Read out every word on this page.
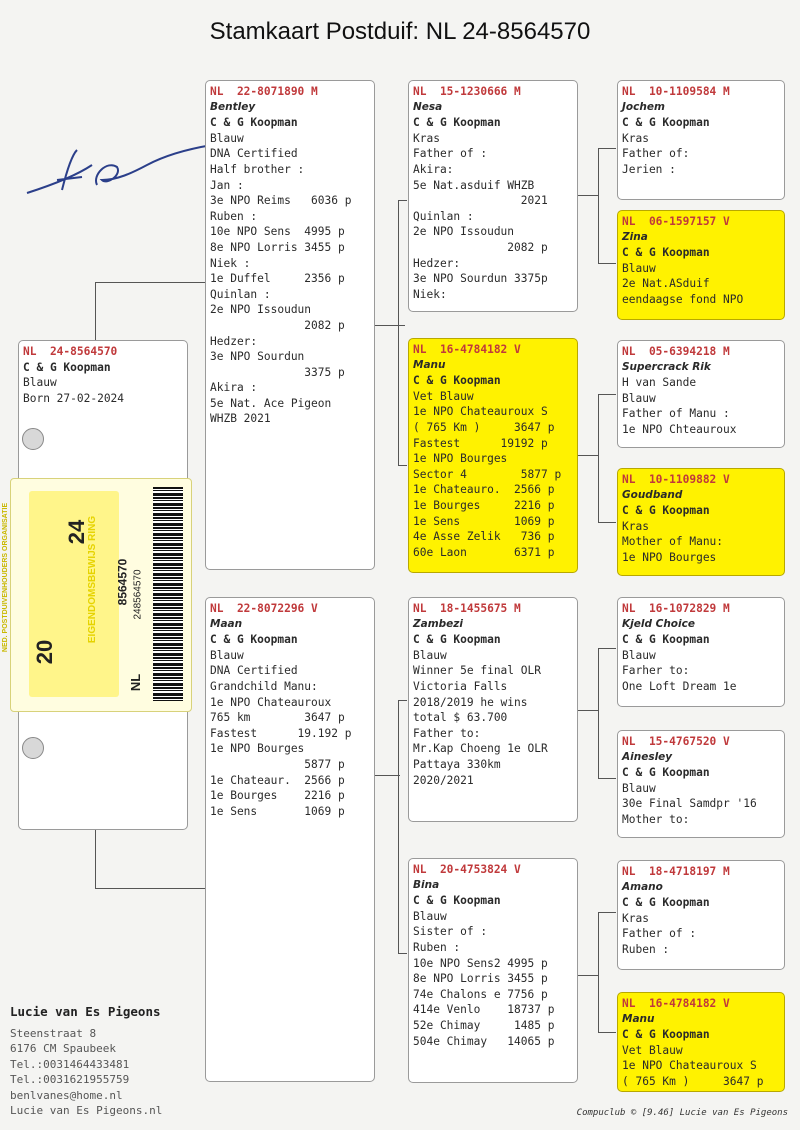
Stamkaart Postduif: NL 24-8564570
NL  24-8564570
C & G Koopman
Blauw
Born 27-02-2024
24
20
NL
8564570
EIGENDOMSBEWIJS RING
NED. POSTDUIVENHOUDERS ORGANISATIE	248564570
NL  22-8071890 M
Bentley
C & G Koopman
Blauw
DNA Certified
Half brother :
Jan :
3e NPO Reims   6036 p
Ruben :
10e NPO Sens  4995 p
8e NPO Lorris 3455 p
Niek :
1e Duffel     2356 p
Quinlan :
2e NPO Issoudun
2082 p
Hedzer:
3e NPO Sourdun
3375 p
Akira :
5e Nat. Ace Pigeon
WHZB 2021
NL  22-8072296 V
Maan
C & G Koopman
Blauw
DNA Certified
Grandchild Manu:
1e NPO Chateauroux
765 km        3647 p
Fastest      19.192 p
1e NPO Bourges
5877 p
1e Chateaur.  2566 p
1e Bourges    2216 p
1e Sens       1069 p
NL  15-1230666 M
Nesa
C & G Koopman
Kras
Father of :
Akira:
5e Nat.asduif WHZB
2021
Quinlan :
2e NPO Issoudun
2082 p
Hedzer:
3e NPO Sourdun 3375p
Niek:
NL  16-4784182 V
Manu
C & G Koopman
Vet Blauw
1e NPO Chateauroux S
( 765 Km )     3647 p
Fastest      19192 p
1e NPO Bourges
Sector 4        5877 p
1e Chateauro.  2566 p
1e Bourges     2216 p
1e Sens        1069 p
4e Asse Zelik   736 p
60e Laon       6371 p
NL  18-1455675 M
Zambezi
C & G Koopman
Blauw
Winner 5e final OLR
Victoria Falls
2018/2019 he wins
total $ 63.700
Father to:
Mr.Kap Choeng 1e OLR
Pattaya 330km
2020/2021
NL  20-4753824 V
Bina
C & G Koopman
Blauw
Sister of :
Ruben :
10e NPO Sens2 4995 p
8e NPO Lorris 3455 p
74e Chalons e 7756 p
414e Venlo    18737 p
52e Chimay     1485 p
504e Chimay   14065 p
NL  10-1109584 M
Jochem
C & G Koopman
Kras
Father of:
Jerien :
NL  06-1597157 V
Zina
C & G Koopman
Blauw
2e Nat.ASduif
eendaagse fond NPO
NL  05-6394218 M
Supercrack Rik
H van Sande
Blauw
Father of Manu :
1e NPO Chteauroux
NL  10-1109882 V
Goudband
C & G Koopman
Kras
Mother of Manu:
1e NPO Bourges
NL  16-1072829 M
Kjeld Choice
C & G Koopman
Blauw
Farher to:
One Loft Dream 1e
NL  15-4767520 V
Ainesley
C & G Koopman
Blauw
30e Final Samdpr '16
Mother to:
NL  18-4718197 M
Amano
C & G Koopman
Kras
Father of :
Ruben :
NL  16-4784182 V
Manu
C & G Koopman
Vet Blauw
1e NPO Chateauroux S
( 765 Km )     3647 p
Lucie van Es Pigeons
Steenstraat 8
6176 CM Spaubeek
Tel.:0031464433481
Tel.:0031621955759
benlvanes@home.nl
Lucie van Es Pigeons.nl	Compuclub © [9.46] Lucie van Es Pigeons
